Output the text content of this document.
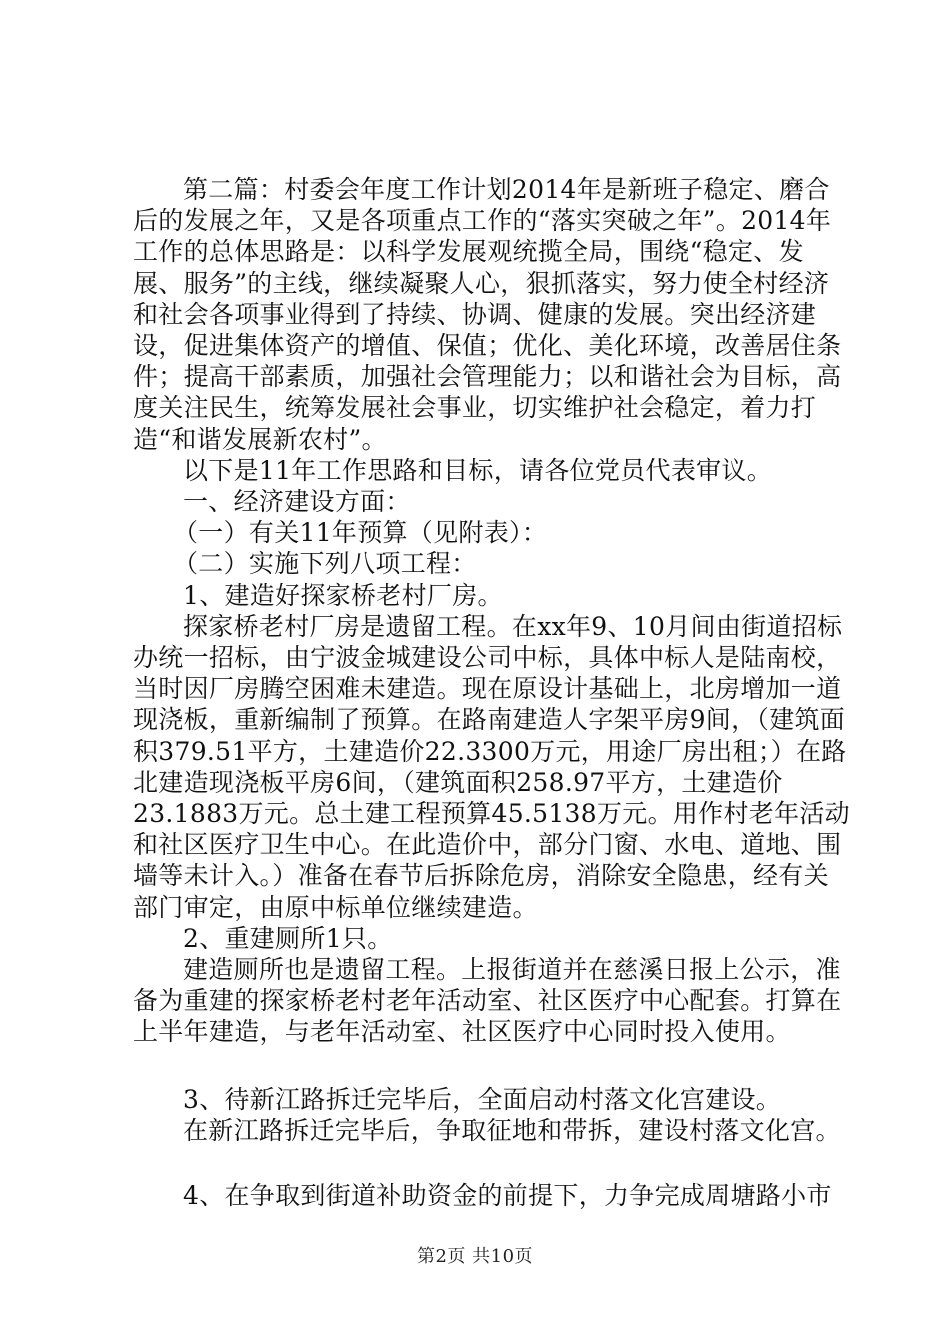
第二篇：村委会年度工作计划2014年是新班子稳定、磨合后的发展之年，又是各项重点工作的“落实突破之年”。2014年工作的总体思路是：以科学发展观统揽全局，围绕“稳定、发展、服务”的主线，继续凝聚人心，狠抓落实，努力使全村经济和社会各项事业得到了持续、协调、健康的发展。突出经济建设，促进集体资产的增值、保值；优化、美化环境，改善居住条件；提高干部素质，加强社会管理能力；以和谐社会为目标，高度关注民生，统筹发展社会事业，切实维护社会稳定，着力打造“和谐发展新农村”。

以下是11年工作思路和目标，请各位党员代表审议。

一、经济建设方面：

（一）有关11年预算（见附表）：

（二）实施下列八项工程：

1、建造好探家桥老村厂房。

探家桥老村厂房是遗留工程。在xx年9、10月间由街道招标办统一招标，由宁波金城建设公司中标，具体中标人是陆南校，当时因厂房腾空困难未建造。现在原设计基础上，北房增加一道现浇板，重新编制了预算。在路南建造人字架平房9间，（建筑面积379.51平方，土建造价22.3300万元，用途厂房出租；）在路北建造现浇板平房6间，（建筑面积258.97平方，土建造价23.1883万元。总土建工程预算45.5138万元。用作村老年活动和社区医疗卫生中心。在此造价中，部分门窗、水电、道地、围墙等未计入。）准备在春节后拆除危房，消除安全隐患，经有关部门审定，由原中标单位继续建造。

2、重建厕所1只。

建造厕所也是遗留工程。上报街道并在慈溪日报上公示，准备为重建的探家桥老村老年活动室、社区医疗中心配套。打算在上半年建造，与老年活动室、社区医疗中心同时投入使用。

3、待新江路拆迁完毕后，全面启动村落文化宫建设。

在新江路拆迁完毕后，争取征地和带拆，建设村落文化宫。

4、在争取到街道补助资金的前提下，力争完成周塘路小市

第2页 共10页
